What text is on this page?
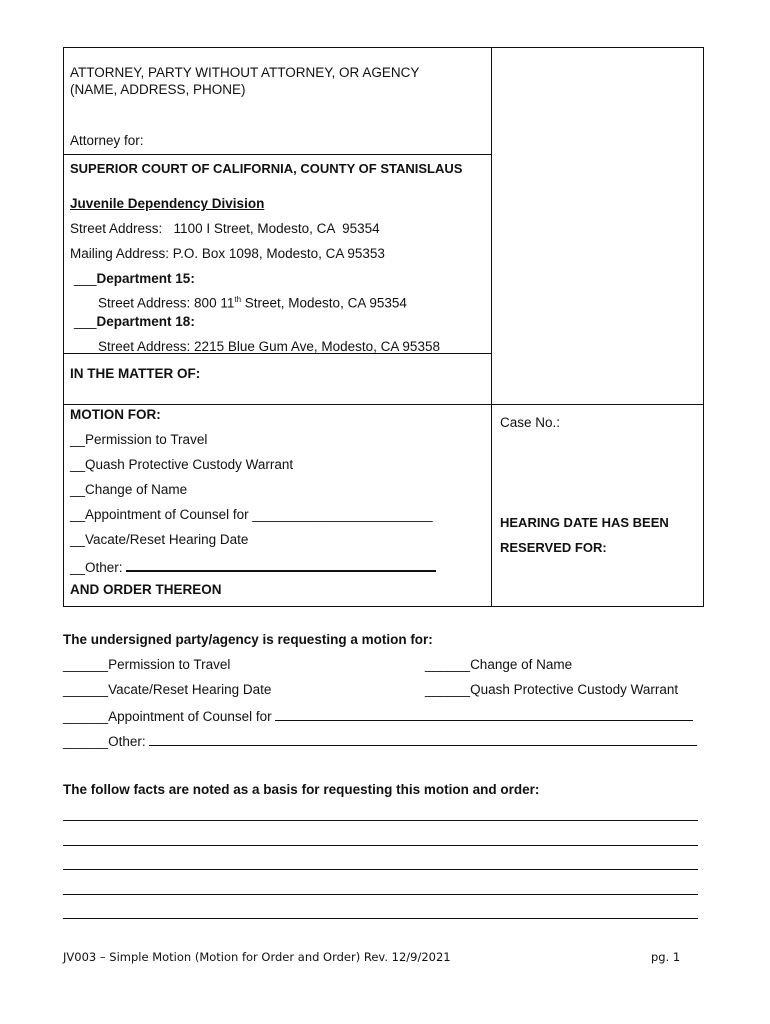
ATTORNEY, PARTY WITHOUT ATTORNEY, OR AGENCY
(NAME, ADDRESS, PHONE)
Attorney for:
SUPERIOR COURT OF CALIFORNIA, COUNTY OF STANISLAUS
Juvenile Dependency Division
Street Address:   1100 I Street, Modesto, CA  95354
Mailing Address: P.O. Box 1098, Modesto, CA 95353
___Department 15:
Street Address: 800 11th Street, Modesto, CA 95354
___Department 18:
Street Address: 2215 Blue Gum Ave, Modesto, CA 95358
IN THE MATTER OF:
MOTION FOR:
__Permission to Travel
__Quash Protective Custody Warrant
__Change of Name
__Appointment of Counsel for ________________________
__Vacate/Reset Hearing Date
__Other:
AND ORDER THEREON
Case No.:
HEARING DATE HAS BEEN
RESERVED FOR:
The undersigned party/agency is requesting a motion for:
______Permission to Travel	______Change of Name
______Vacate/Reset Hearing Date	______Quash Protective Custody Warrant
______Appointment of Counsel for
______Other:
The follow facts are noted as a basis for requesting this motion and order:
JV003 – Simple Motion (Motion for Order and Order) Rev. 12/9/2021	pg. 1
